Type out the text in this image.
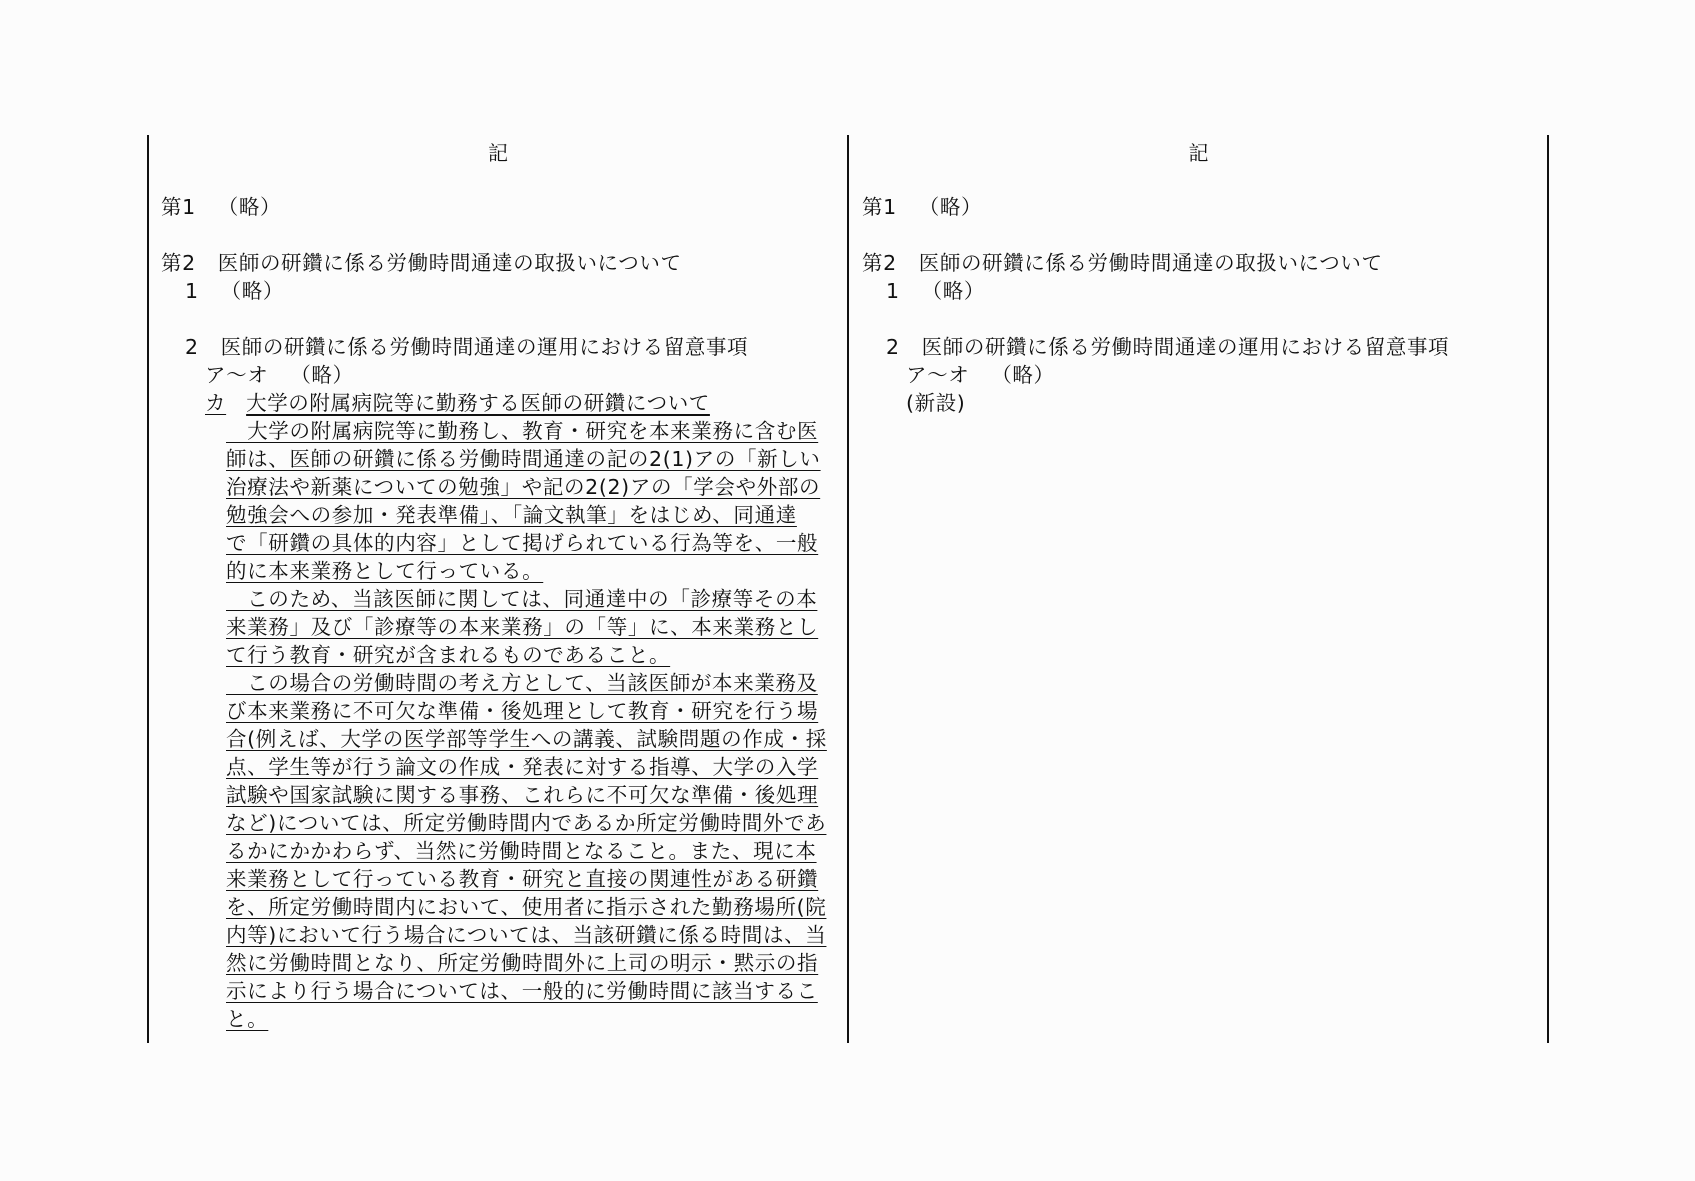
記
第1 （略）
第2 医師の研鑽に係る労働時間通達の取扱いについて
1 （略）
2 医師の研鑽に係る労働時間通達の運用における留意事項
ア～オ （略）
カ 大学の附属病院等に勤務する医師の研鑽について
　大学の附属病院等に勤務し、教育・研究を本来業務に含む医
師は、医師の研鑽に係る労働時間通達の記の2(1)アの「新しい
治療法や新薬についての勉強」や記の2(2)アの「学会や外部の
勉強会への参加・発表準備」、「論文執筆」をはじめ、同通達
で「研鑽の具体的内容」として掲げられている行為等を、一般
的に本来業務として行っている。
　このため、当該医師に関しては、同通達中の「診療等その本
来業務」及び「診療等の本来業務」の「等」に、本来業務とし
て行う教育・研究が含まれるものであること。
　この場合の労働時間の考え方として、当該医師が本来業務及
び本来業務に不可欠な準備・後処理として教育・研究を行う場
合(例えば、大学の医学部等学生への講義、試験問題の作成・採
点、学生等が行う論文の作成・発表に対する指導、大学の入学
試験や国家試験に関する事務、これらに不可欠な準備・後処理
など)については、所定労働時間内であるか所定労働時間外であ
るかにかかわらず、当然に労働時間となること。また、現に本
来業務として行っている教育・研究と直接の関連性がある研鑽
を、所定労働時間内において、使用者に指示された勤務場所(院
内等)において行う場合については、当該研鑽に係る時間は、当
然に労働時間となり、所定労働時間外に上司の明示・黙示の指
示により行う場合については、一般的に労働時間に該当するこ
と。
記
第1 （略）
第2 医師の研鑽に係る労働時間通達の取扱いについて
1 （略）
2 医師の研鑽に係る労働時間通達の運用における留意事項
ア～オ （略）
(新設)
